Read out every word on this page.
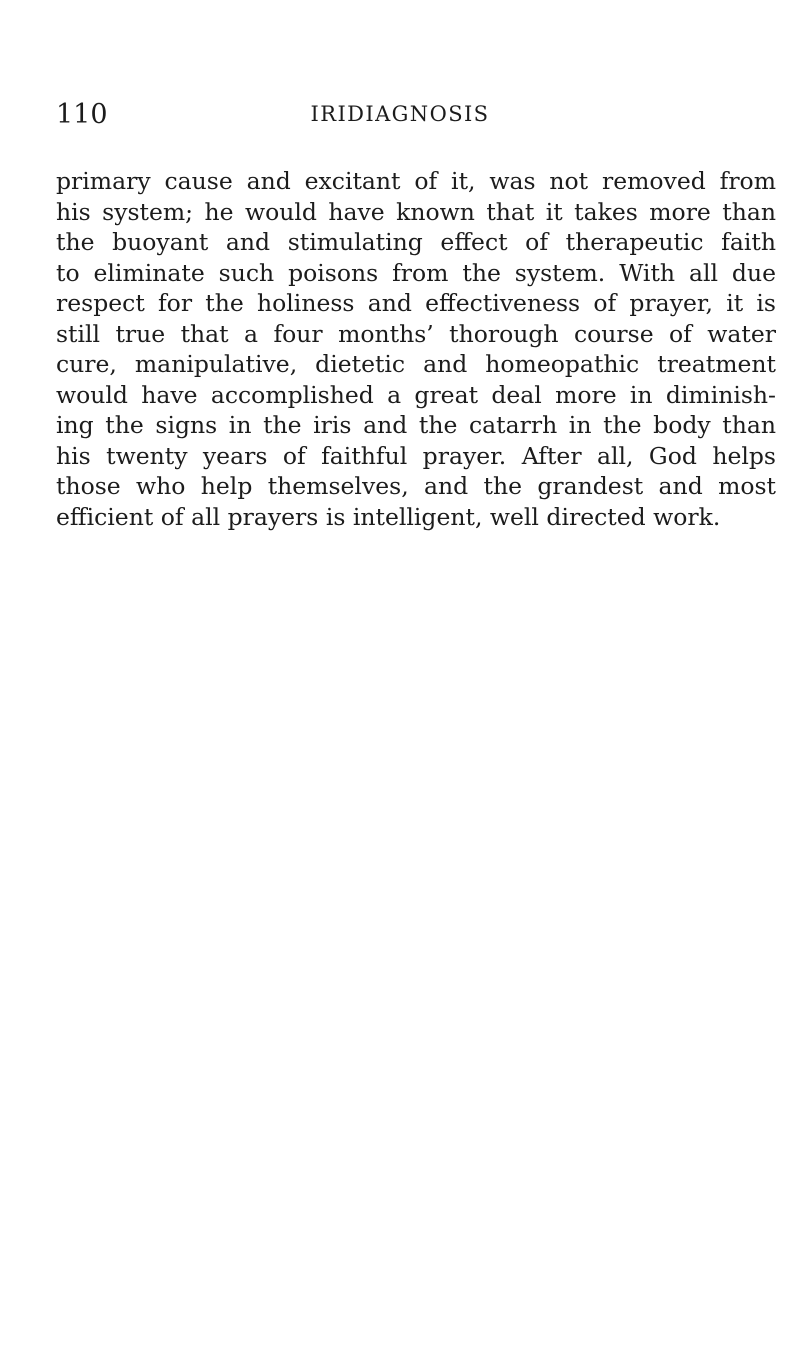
110	IRIDIAGNOSIS
primary cause and excitant of it, was not removed from
his system; he would have known that it takes more than
the buoyant and stimulating effect of therapeutic faith
to eliminate such poisons from the system. With all due
respect for the holiness and effectiveness of prayer, it is
still true that a four months’ thorough course of water
cure, manipulative, dietetic and homeopathic treatment
would have accomplished a great deal more in diminish-
ing the signs in the iris and the catarrh in the body than
his twenty years of faithful prayer. After all, God helps
those who help themselves, and the grandest and most
efficient of all prayers is intelligent, well directed work.
